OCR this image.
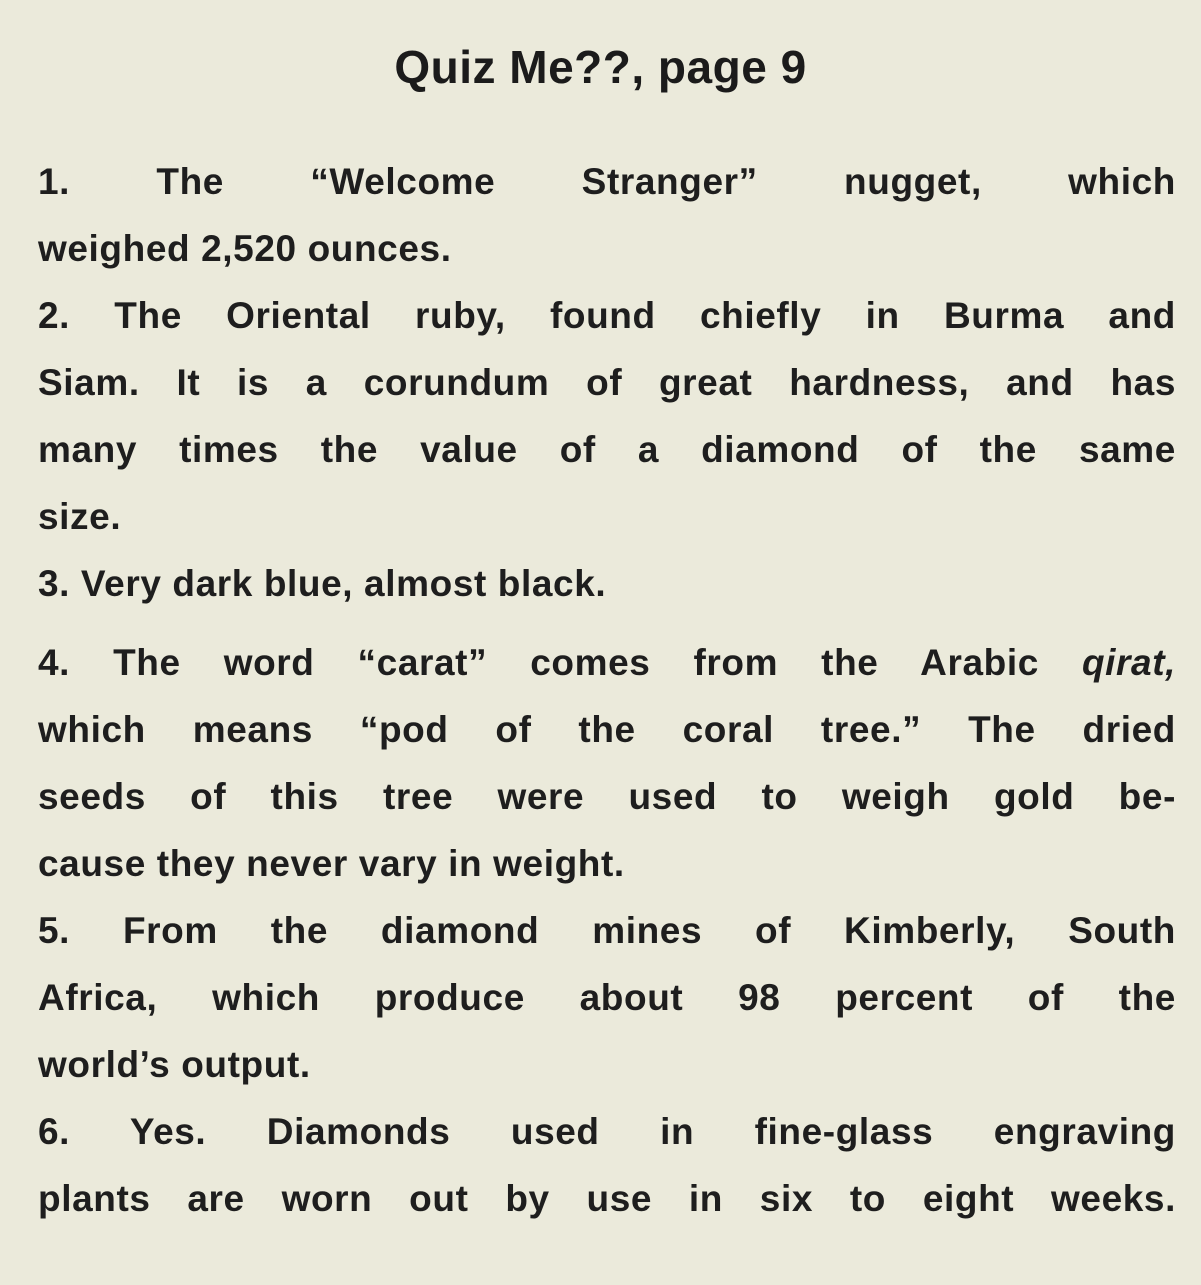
Quiz Me??, page 9
1. The “Welcome Stranger” nugget, which
weighed 2,520 ounces.
2. The Oriental ruby, found chiefly in Burma and
Siam. It is a corundum of great hardness, and has
many times the value of a diamond of the same
size.
3. Very dark blue, almost black.
4. The word “carat” comes from the Arabic qirat,
which means “pod of the coral tree.” The dried
seeds of this tree were used to weigh gold be-
cause they never vary in weight.
5. From the diamond mines of Kimberly, South
Africa, which produce about 98 percent of the
world’s output.
6. Yes. Diamonds used in fine-glass engraving
plants are worn out by use in six to eight weeks.
